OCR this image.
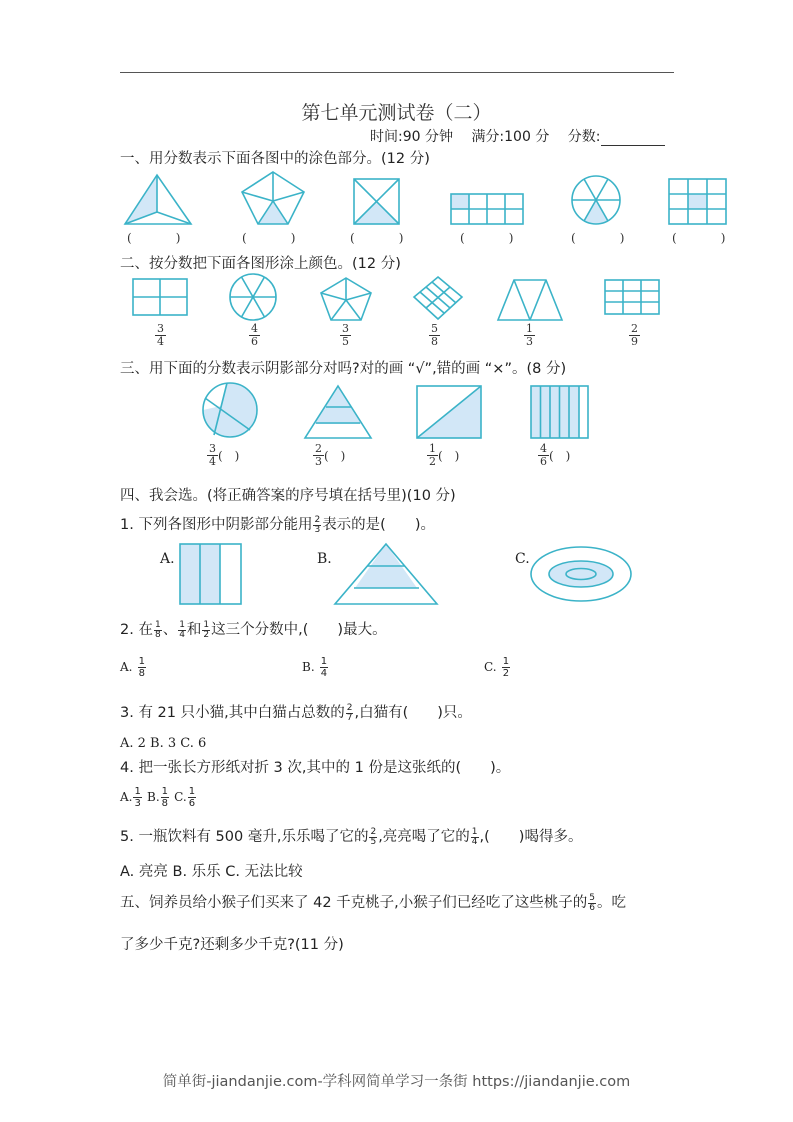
第七单元测试卷（二）
时间:90 分钟 满分:100 分 分数:
一、用分数表示下面各图中的涂色部分。(12 分)
(	)	(	)	(	)	(	)	(	)	(	)
二、按分数把下面各图形涂上颜色。(12 分)
$\frac{3}{4}$	$\frac{4}{6}$	$\frac{3}{5}$	$\frac{5}{8}$	$\frac{1}{3}$	$\frac{2}{9}$
三、用下面的分数表示阴影部分对吗?对的画 “√”,错的画 “×”。(8 分)
$\frac{3}{4}$ (　)	$\frac{2}{3}$ (　)	$\frac{1}{2}$ (　)	$\frac{4}{6}$ (　)
四、我会选。(将正确答案的序号填在括号里)(10 分)
1. 下列各图形中阴影部分能用 $\frac{2}{3}$ 表示的是(　　)。
A.	B.	C.
2. 在 $\frac{1}{8}$ 、 $\frac{1}{4}$ 和 $\frac{1}{2}$ 这三个分数中,(　　)最大。
A. $\frac{1}{8}$	B. $\frac{1}{4}$	C. $\frac{1}{2}$
3. 有 21 只小猫,其中白猫占总数的 $\frac{2}{7}$ ,白猫有(　　)只。
A. 2 B. 3 C. 6
4. 把一张长方形纸对折 3 次,其中的 1 份是这张纸的(　　)。
A. $\frac{1}{3} B$. $\frac{1}{8} C$. $\frac{1}{6}$
5. 一瓶饮料有 500 毫升,乐乐喝了它的 $\frac{2}{5}$ ,亮亮喝了它的 $\frac{1}{4}$ ,(　　)喝得多。
A. 亮亮 B. 乐乐 C. 无法比较
五、饲养员给小猴子们买来了 42 千克桃子,小猴子们已经吃了这些桃子的 $\frac{5}{6}$ 。吃
了多少千克?还剩多少千克?(11 分)
简单街-jiandanjie.com-学科网简单学习一条街 https://jiandanjie.com
